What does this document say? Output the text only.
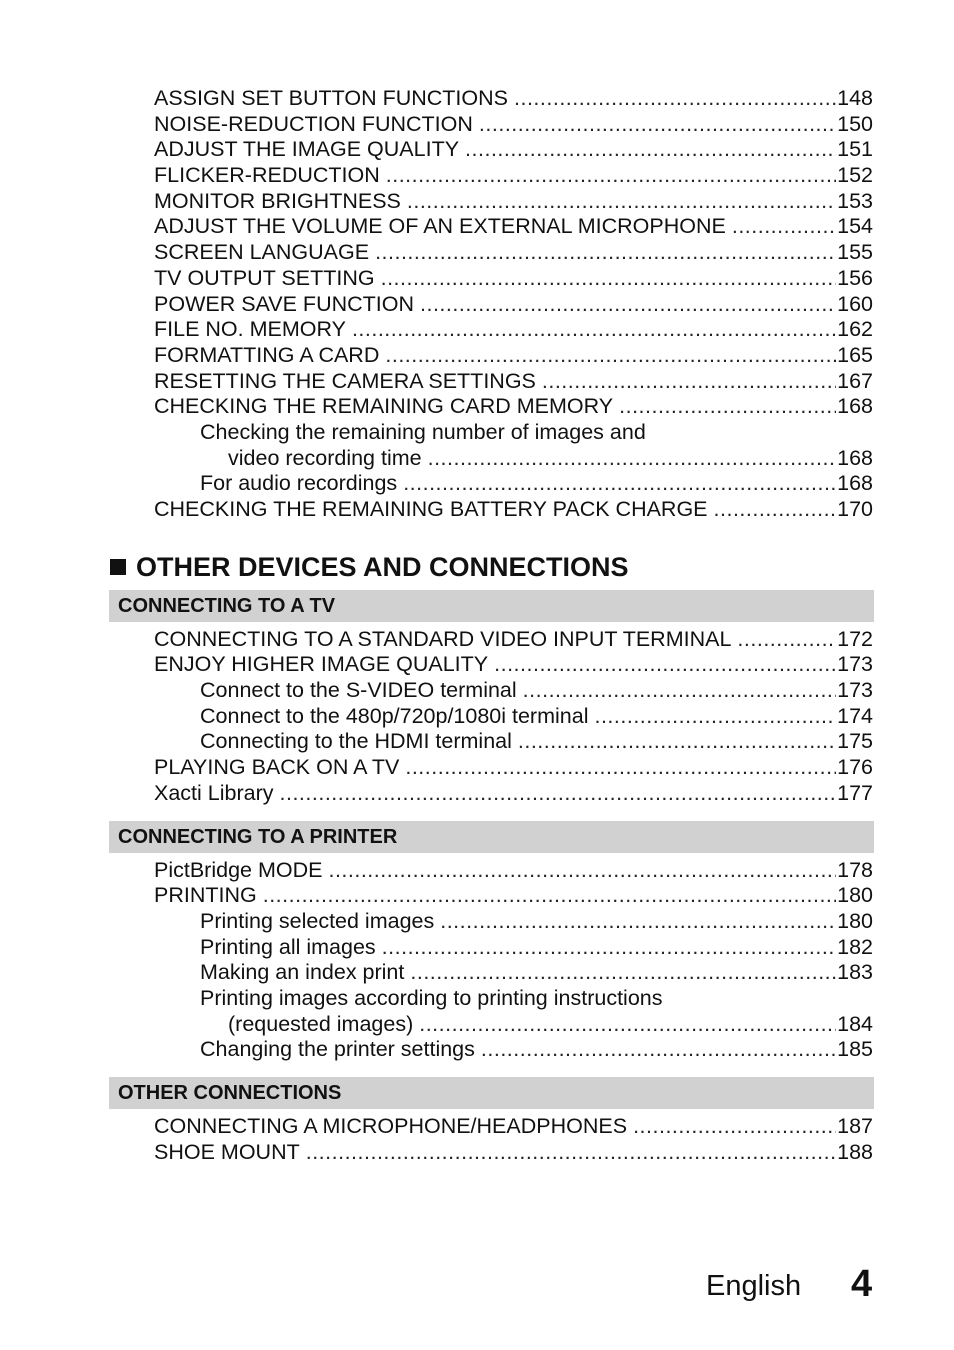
ASSIGN SET BUTTON FUNCTIONS .....	148
NOISE-REDUCTION FUNCTION .....	150
ADJUST THE IMAGE QUALITY .....	151
FLICKER-REDUCTION .....	152
MONITOR BRIGHTNESS .....	153
ADJUST THE VOLUME OF AN EXTERNAL MICROPHONE .....	154
SCREEN LANGUAGE .....	155
TV OUTPUT SETTING .....	156
POWER SAVE FUNCTION .....	160
FILE NO. MEMORY .....	162
FORMATTING A CARD .....	165
RESETTING THE CAMERA SETTINGS .....	167
CHECKING THE REMAINING CARD MEMORY .....	168
Checking the remaining number of images and
video recording time .....	168
For audio recordings .....	168
CHECKING THE REMAINING BATTERY PACK CHARGE .....	170
OTHER DEVICES AND CONNECTIONS
CONNECTING TO A TV
CONNECTING TO A STANDARD VIDEO INPUT TERMINAL .....	172
ENJOY HIGHER IMAGE QUALITY .....	173
Connect to the S-VIDEO terminal .....	173
Connect to the 480p/720p/1080i terminal .....	174
Connecting to the HDMI terminal .....	175
PLAYING BACK ON A TV .....	176
Xacti Library .....	177
CONNECTING TO A PRINTER
PictBridge MODE .....	178
PRINTING .....	180
Printing selected images .....	180
Printing all images .....	182
Making an index print .....	183
Printing images according to printing instructions
(requested images) .....	184
Changing the printer settings .....	185
OTHER CONNECTIONS
CONNECTING A MICROPHONE/HEADPHONES .....	187
SHOE MOUNT .....	188
English 4
